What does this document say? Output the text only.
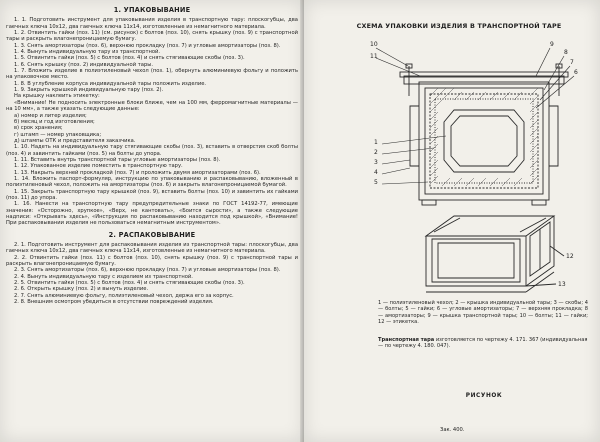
1. УПАКОВЫВАНИЕ

1. 1. Подготовить инструмент для упаковывания изделия в транспортную тару: плоскогубцы, два гаечных ключа 10х12, два гаечных ключа 11х14, изготовленные из немагнитного материала.

1. 2. Отвинтить гайки (поз. 11) (см. рисунок) с болтов (поз. 10), снять крышку (поз. 9) с транспортной тары и раскрыть влагонепроницаемую бумагу.

1. 3. Снять амортизаторы (поз. 6), верхнюю прокладку (поз. 7) и угловые амортизаторы (поз. 8).

1. 4. Вынуть индивидуальную тару из транспортной.

1. 5. Отвинтить гайки (поз. 5) с болтов (поз. 4) и снять стягивающие скобы (поз. 3).

1. 6. Снять крышку (поз. 2) индивидуальной тары.

1. 7. Вложить изделие в полиэтиленовый чехол (поз. 1), обернуть алюминиевую фольгу и положить на упаковочное место.

1. 8. В углубление корпуса индивидуальной тары положить изделие.

1. 9. Закрыть крышкой индивидуальную тару (поз. 2).

На крышку наклеить этикетку:

«Внимание! Не подносить электронные блоки ближе, чем на 100 мм, ферромагнитные материалы — на 10 мм», а также указать следующие данные:

а) номер и литер изделия;

б) месяц и год изготовления;

в) срок хранения;

г) штамп — номер упаковщика;

д) штампы ОТК и представителя заказчика.

1. 10. Надеть на индивидуальную тару стягивающие скобы (поз. 3), вставить в отверстия скоб болты (поз. 4) и завинтить гайками (поз. 5) на болты до упора.

1. 11. Вставить внутрь транспортной тары угловые амортизаторы (поз. 8).

1. 12. Упакованное изделие поместить в транспортную тару.

1. 13. Накрыть верхней прокладкой (поз. 7) и проложить двумя амортизаторами (поз. 6).

1. 14. Вложить паспорт-формуляр, инструкцию по упаковыванию и распаковыванию, вложенный в полиэтиленовый чехол, положить на амортизаторы (поз. 6) и закрыть влагонепроницаемой бумагой.

1. 15. Закрыть транспортную тару крышкой (поз. 9), вставить болты (поз. 10) и завинтить их гайками (поз. 11) до упора.

1. 16. Нанести на транспортную тару предупредительные знаки по ГОСТ 14192-77, имеющие значения: «Осторожно, хрупкое», «Верх, не кантовать», «Боится сырости», а также следующие надписи: «Открывать здесь», «Инструкция по распаковыванию находится под крышкой», «Внимание! При распаковывании изделия не пользоваться немагнитным инструментом».

2. РАСПАКОВЫВАНИЕ

2. 1. Подготовить инструмент для распаковывания изделия из транспортной тары: плоскогубцы, два гаечных ключа 10х12, два гаечных ключа 11х14, изготовленные из немагнитного материала.

2. 2. Отвинтить гайки (поз. 11) с болтов (поз. 10), снять крышку (поз. 9) с транспортной тары и раскрыть влагонепроницаемую бумагу.

2. 3. Снять амортизаторы (поз. 6), верхнюю прокладку (поз. 7) и угловые амортизаторы (поз. 8).

2. 4. Вынуть индивидуальную тару с изделием из транспортной.

2. 5. Отвинтить гайки (поз. 5) с болтов (поз. 4) и снять стягивающие скобы (поз. 3).

2. 6. Открыть крышку (поз. 2) и вынуть изделие.

2. 7. Снять алюминиевую фольгу, полиэтиленовый чехол, держа его за корпус.

2. 8. Внешним осмотром убедиться в отсутствии повреждений изделия.

СХЕМА УПАКОВКИ ИЗДЕЛИЯ В ТРАНСПОРТНОЙ ТАРЕ
10
11
9
8
7
6
1
2
3
4
5
12
13
1 — полиэтиленовый чехол; 2 — крышка индивидуальной тары; 3 — скобы; 4 — болты; 5 — гайки; 6 — угловые амортизаторы; 7 — верхняя прокладка; 8 — амортизаторы; 9 — крышка транспортной тары; 10 — болты; 11 — гайки; 12 — этикетка.
Транспортная тара изготовляется по чертежу 4. 171. 367 (индивидуальная — по чертежу 4. 180. 047).
РИСУНОК
Зак. 400.
